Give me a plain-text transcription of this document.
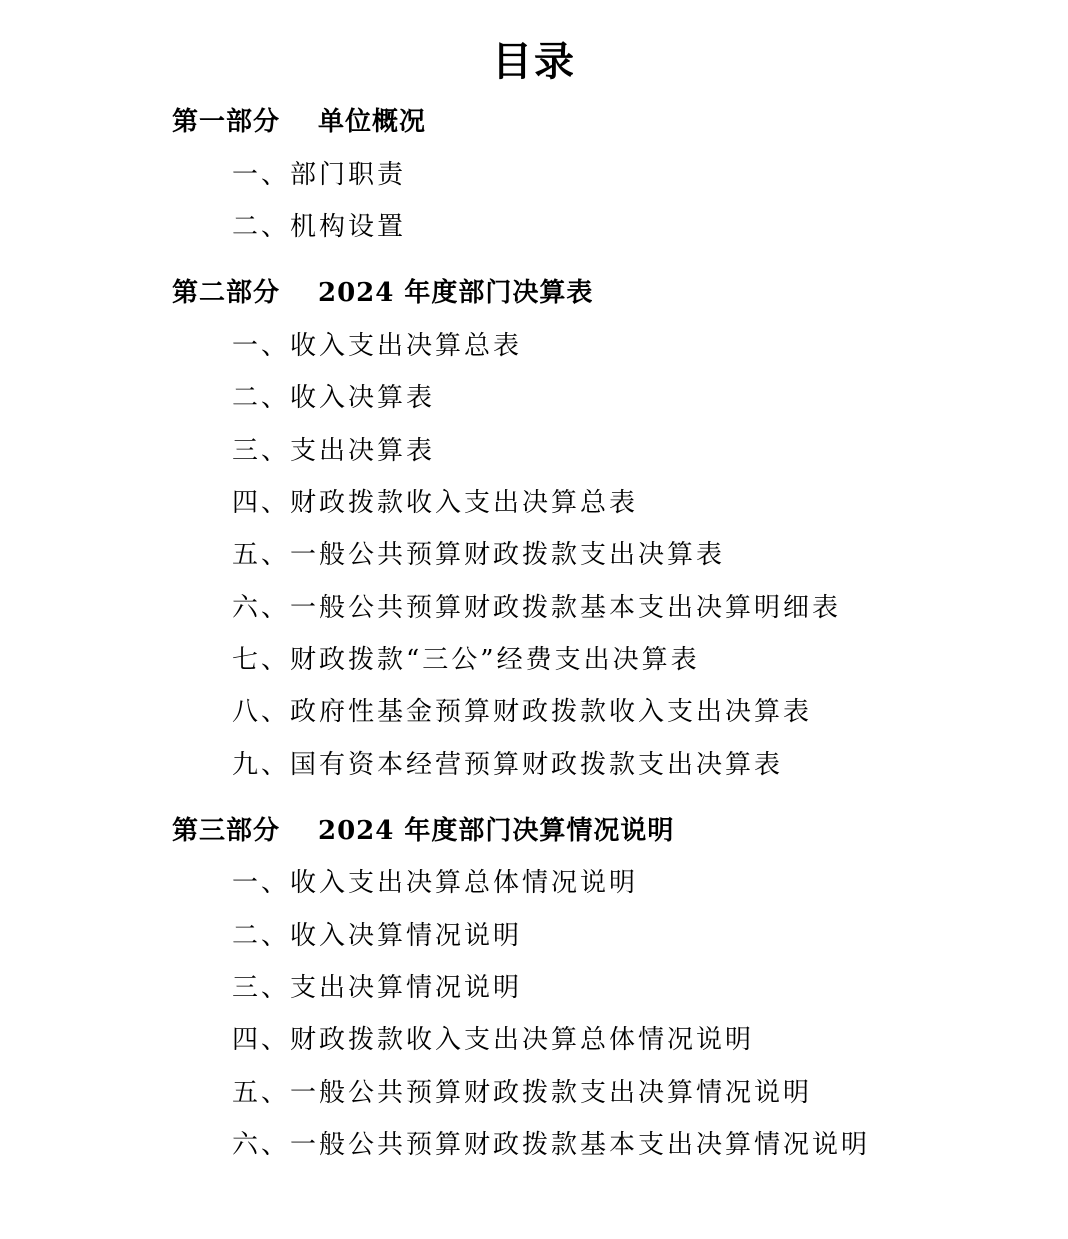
目录
第一部分 单位概况
一、部门职责
二、机构设置
第二部分 2024 年度部门决算表
一、收入支出决算总表
二、收入决算表
三、支出决算表
四、财政拨款收入支出决算总表
五、一般公共预算财政拨款支出决算表
六、一般公共预算财政拨款基本支出决算明细表
七、财政拨款“三公”经费支出决算表
八、政府性基金预算财政拨款收入支出决算表
九、国有资本经营预算财政拨款支出决算表
第三部分 2024 年度部门决算情况说明
一、收入支出决算总体情况说明
二、收入决算情况说明
三、支出决算情况说明
四、财政拨款收入支出决算总体情况说明
五、一般公共预算财政拨款支出决算情况说明
六、一般公共预算财政拨款基本支出决算情况说明
